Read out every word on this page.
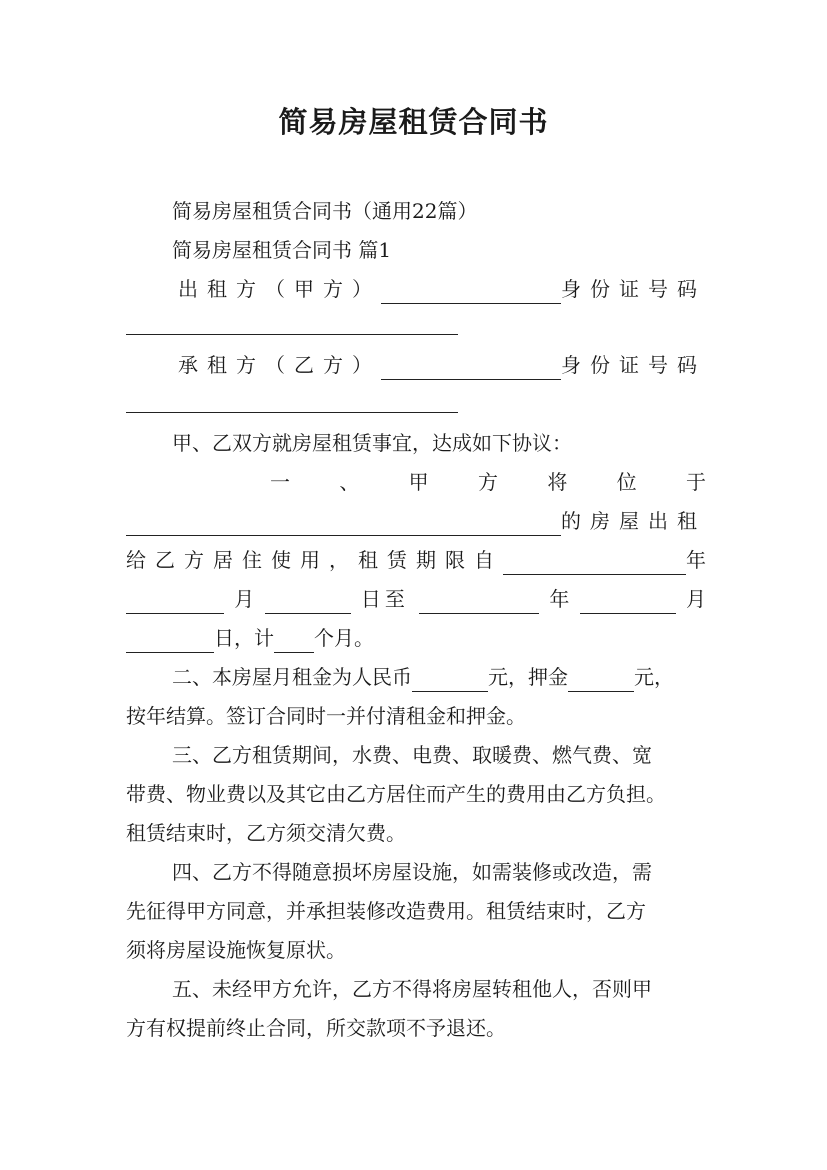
简易房屋租赁合同书
简易房屋租赁合同书（通用22篇）
简易房屋租赁合同书 篇1
出租方（甲方）	身份证号码
承租方（乙方）	身份证号码
甲、乙双方就房屋租赁事宜，达成如下协议：
一 、 甲 方 将 位 于
的房屋出租
给乙方居住使用，租赁期限自	年
月	日至	年	月
日，计 个月。
二、本房屋月租金为人民币	元，押金	元，
按年结算。签订合同时一并付清租金和押金。
三、乙方租赁期间，水费、电费、取暖费、燃气费、宽
带费、物业费以及其它由乙方居住而产生的费用由乙方负担。
租赁结束时，乙方须交清欠费。
四、乙方不得随意损坏房屋设施，如需装修或改造，需
先征得甲方同意，并承担装修改造费用。租赁结束时，乙方
须将房屋设施恢复原状。
五、未经甲方允许，乙方不得将房屋转租他人，否则甲
方有权提前终止合同，所交款项不予退还。
